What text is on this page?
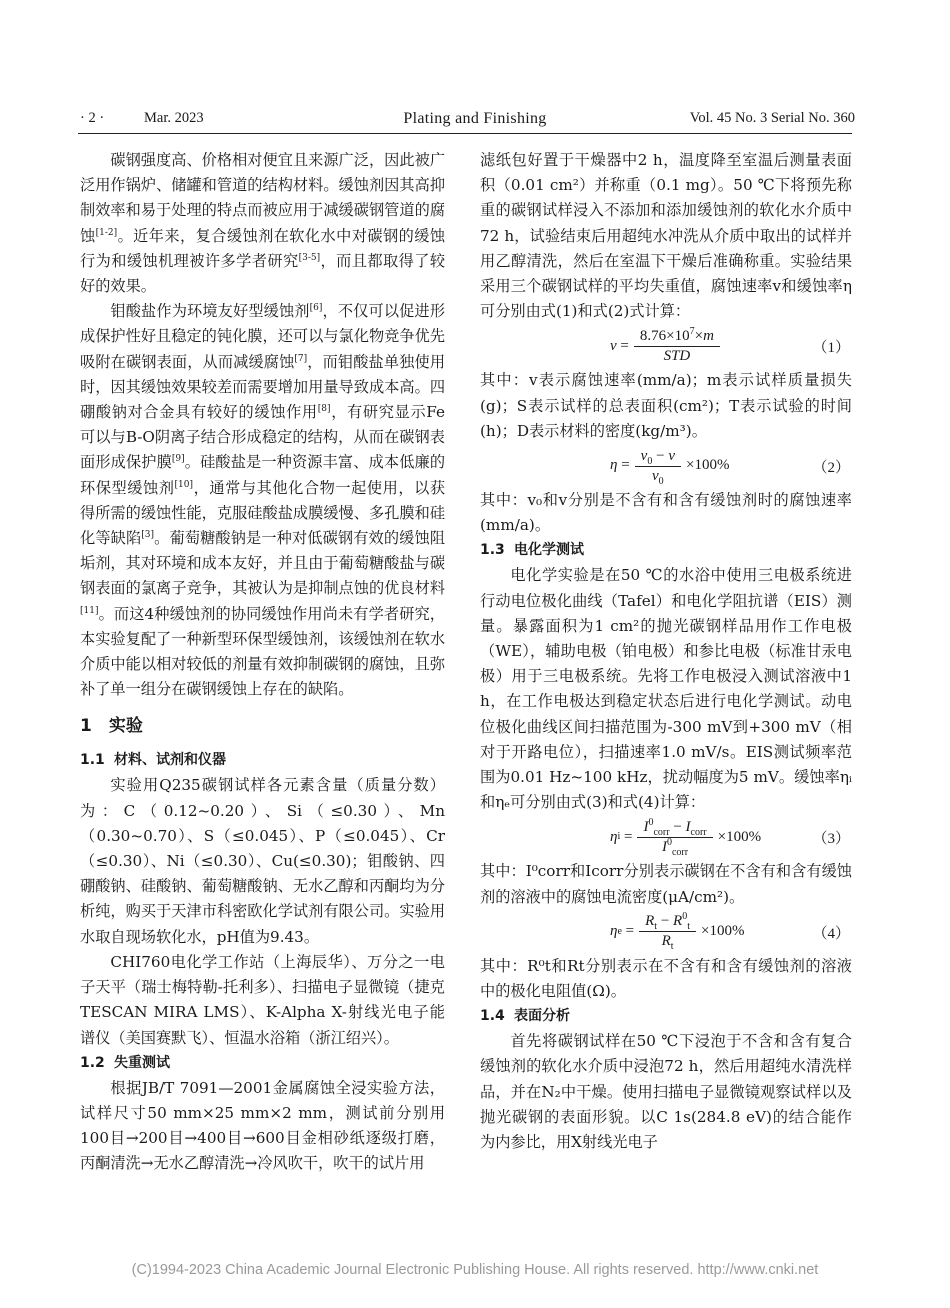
· 2 ·	Mar. 2023	Plating and Finishing	Vol. 45 No. 3 Serial No. 360

碳钢强度高、价格相对便宜且来源广泛，因此被广泛用作锅炉、储罐和管道的结构材料。缓蚀剂因其高抑制效率和易于处理的特点而被应用于减缓碳钢管道的腐蚀[1-2]。近年来，复合缓蚀剂在软化水中对碳钢的缓蚀行为和缓蚀机理被许多学者研究[3-5]，而且都取得了较好的效果。

钼酸盐作为环境友好型缓蚀剂[6]，不仅可以促进形成保护性好且稳定的钝化膜，还可以与氯化物竞争优先吸附在碳钢表面，从而减缓腐蚀[7]，而钼酸盐单独使用时，因其缓蚀效果较差而需要增加用量导致成本高。四硼酸钠对合金具有较好的缓蚀作用[8]，有研究显示Fe可以与B-O阴离子结合形成稳定的结构，从而在碳钢表面形成保护膜[9]。硅酸盐是一种资源丰富、成本低廉的环保型缓蚀剂[10]，通常与其他化合物一起使用，以获得所需的缓蚀性能，克服硅酸盐成膜缓慢、多孔膜和硅化等缺陷[3]。葡萄糖酸钠是一种对低碳钢有效的缓蚀阻垢剂，其对环境和成本友好，并且由于葡萄糖酸盐与碳钢表面的氯离子竞争，其被认为是抑制点蚀的优良材料[11]。而这4种缓蚀剂的协同缓蚀作用尚未有学者研究，本实验复配了一种新型环保型缓蚀剂，该缓蚀剂在软水介质中能以相对较低的剂量有效抑制碳钢的腐蚀，且弥补了单一组分在碳钢缓蚀上存在的缺陷。

1　实验
1.1 材料、试剂和仪器

实验用Q235碳钢试样各元素含量（质量分数）为：C（0.12~0.20）、Si（≤0.30）、Mn（0.30~0.70）、S（≤0.045）、P（≤0.045）、Cr（≤0.30）、Ni（≤0.30）、Cu(≤0.30)；钼酸钠、四硼酸钠、硅酸钠、葡萄糖酸钠、无水乙醇和丙酮均为分析纯，购买于天津市科密欧化学试剂有限公司。实验用水取自现场软化水，pH值为9.43。

CHI760电化学工作站（上海辰华）、万分之一电子天平（瑞士梅特勒-托利多）、扫描电子显微镜（捷克TESCAN MIRA LMS）、K-Alpha X-射线光电子能谱仪（美国赛默飞）、恒温水浴箱（浙江绍兴）。

1.2 失重测试

根据JB/T 7091—2001金属腐蚀全浸实验方法，试样尺寸50 mm×25 mm×2 mm，测试前分别用100目→200目→400目→600目金相砂纸逐级打磨，丙酮清洗→无水乙醇清洗→冷风吹干，吹干的试片用

滤纸包好置于干燥器中2 h，温度降至室温后测量表面积（0.01 cm²）并称重（0.1 mg）。50 ℃下将预先称重的碳钢试样浸入不添加和添加缓蚀剂的软化水介质中72 h，试验结束后用超纯水冲洗从介质中取出的试样并用乙醇清洗，然后在室温下干燥后准确称重。实验结果采用三个碳钢试样的平均失重值，腐蚀速率v和缓蚀率η可分别由式(1)和式(2)式计算：

$v = \frac{8.76\times 10^7\times m}{\text{STD}}$	（1）

其中：v表示腐蚀速率(mm/a)；m表示试样质量损失(g)；S表示试样的总表面积(cm²)；T表示试验的时间(h)；D表示材料的密度(kg/m³)。

$\eta = \frac{v_0 - v}{v_0} \times 100\%$	（2）

其中：v₀和v分别是不含有和含有缓蚀剂时的腐蚀速率(mm/a)。

1.3 电化学测试

电化学实验是在50 ℃的水浴中使用三电极系统进行动电位极化曲线（Tafel）和电化学阻抗谱（EIS）测量。暴露面积为1 cm²的抛光碳钢样品用作工作电极（WE），辅助电极（铂电极）和参比电极（标准甘汞电极）用于三电极系统。先将工作电极浸入测试溶液中1 h，在工作电极达到稳定状态后进行电化学测试。动电位极化曲线区间扫描范围为-300 mV到+300 mV（相对于开路电位），扫描速率1.0 mV/s。EIS测试频率范围为0.01 Hz~100 kHz，扰动幅度为5 mV。缓蚀率ηᵢ和ηₑ可分别由式(3)和式(4)计算：

η $i = \frac{I^0_{corr} - I_{corr}}{I^0_{corr}} \times 100\%$	（3）

其中：I⁰corr和Icorr分别表示碳钢在不含有和含有缓蚀剂的溶液中的腐蚀电流密度(μA/cm²)。

η $e = \frac{R_t - R^0_t}{R_t} \times 100\%$	（4）

其中：R⁰t和Rt分别表示在不含有和含有缓蚀剂的溶液中的极化电阻值(Ω)。

1.4 表面分析

首先将碳钢试样在50 ℃下浸泡于不含和含有复合缓蚀剂的软化水介质中浸泡72 h，然后用超纯水清洗样品，并在N₂中干燥。使用扫描电子显微镜观察试样以及抛光碳钢的表面形貌。以C 1s(284.8 eV)的结合能作为内参比，用X射线光电子

(C)1994-2023 China Academic Journal Electronic Publishing House. All rights reserved. http://www.cnki.net
